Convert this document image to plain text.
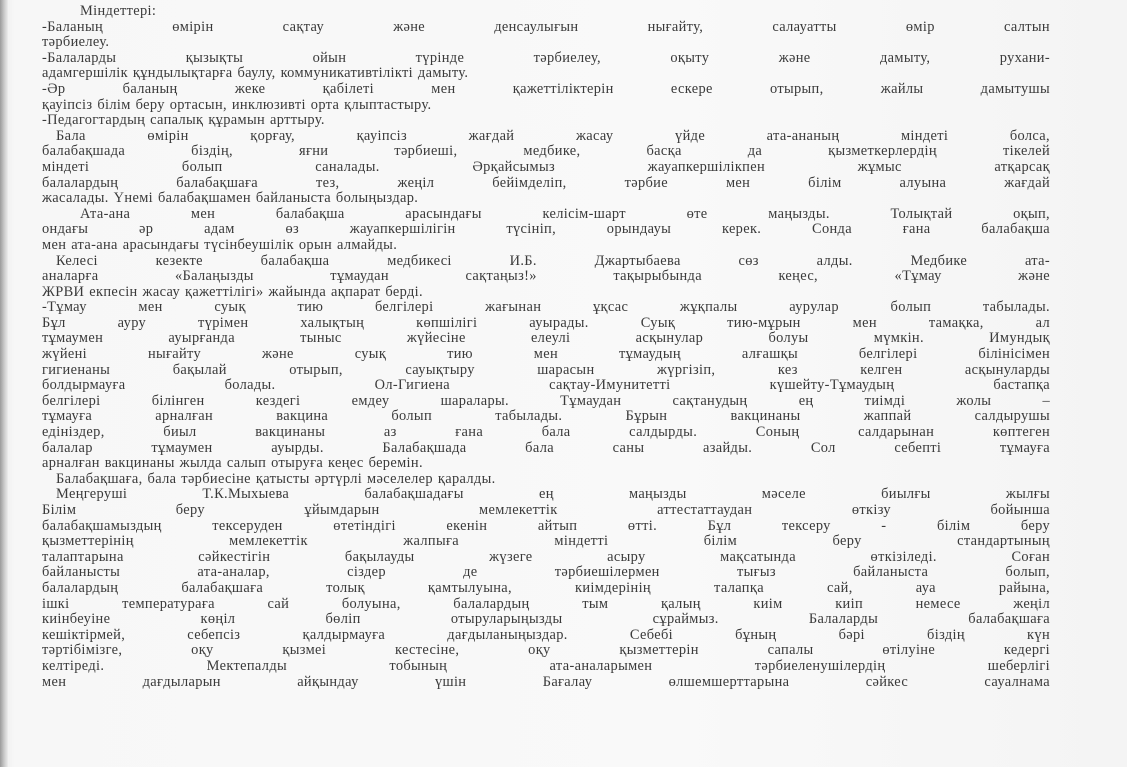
Міндеттері:
-Баланың өмірін сақтау және денсаулығын нығайту, салауатты өмір салтын
тәрбиелеу.
-Балаларды қызықты ойын түрінде тәрбиелеу, оқыту және дамыту, рухани-
адамгершілік құндылықтарға баулу, коммуникативтілікті дамыту.
-Әр баланың жеке қабілеті мен қажеттіліктерін ескере отырып, жайлы дамытушы
қауіпсіз білім беру ортасын, инклюзивті орта қлыптастыру.
-Педагогтардың сапалық құрамын арттыру.
Бала өмірін қорғау, қауіпсіз жағдай жасау үйде ата-ананың міндеті болса,
балабақшада біздің, яғни тәрбиеші, медбике, басқа да қызметкерлердің тікелей
міндеті болып саналады. Әрқайсымыз жауапкершілікпен жұмыс атқарсақ
балалардың балабақшаға тез, жеңіл бейімделіп, тәрбие мен білім алуына жағдай
жасалады. Үнемі балабақшамен байланыста болыңыздар.
Ата-ана мен балабақша арасындағы келісім-шарт өте маңызды. Толықтай оқып,
ондағы әр адам өз жауапкершілігін түсініп, орындауы керек. Сонда ғана балабақша
мен ата-ана арасындағы түсінбеушілік орын алмайды.
Келесі кезекте балабақша медбикесі И.Б. Джартыбаева сөз алды. Медбике ата-
аналарға «Балаңызды тұмаудан сақтаңыз!» тақырыбында кеңес, «Тұмау және
ЖРВИ екпесін жасау қажеттілігі» жайында ақпарат берді.
-Тұмау мен суық тию белгілері жағынан ұқсас жұқпалы аурулар болып табылады.
Бұл ауру түрімен халықтың көпшілігі ауырады. Суық тию-мұрын мен тамақка, ал
тұмаумен ауырғанда тыныс жүйесіне елеулі асқынулар болуы мүмкін. Имундық
жүйені нығайту және суық тию мен тұмаудың алғашқы белгілері білінісімен
гигиенаны бақылай отырып, сауықтыру шарасын жүргізіп, кез келген асқынуларды
болдырмауға болады. Ол-Гигиена сақтау-Имунитетті күшейту-Тұмаудың бастапқа
белгілері білінген кездегі емдеу шаралары. Тұмаудан сақтанудың ең тиімді жолы –
тұмауға арналған вакцина болып табылады. Бұрын вакцинаны жаппай салдырушы
едініздер, биыл вакцинаны аз ғана бала салдырды. Соның салдарынан көптеген
балалар тұмаумен ауырды. Балабақшада бала саны азайды. Сол себепті тұмауға
арналған вакцинаны жылда салып отыруға кеңес беремін.
Балабақшаға, бала тәрбиесіне қатысты әртүрлі мәселелер қаралды.
Меңгеруші Т.К.Мыхыева балабақшадағы ең маңызды мәселе биылғы жылғы
Білім беру ұйымдарын мемлекеттік аттестаттаудан өткізу бойынша
балабақшамыздың тексеруден өтетіндігі екенін айтып өтті. Бұл тексеру - білім беру
қызметтерінің мемлекеттік жалпыға міндетті білім беру стандартының
талаптарына сәйкестігін бақылауды жүзеге асыру мақсатында өткізіледі. Соған
байланысты ата-аналар, сіздер де тәрбиешілермен тығыз байланыста болып,
балалардың балабақшаға толық қамтылуына, киімдерінің талапқа сай, ауа райына,
ішкі температураға сай болуына, балалардың тым қалың киім киіп немесе жеңіл
киінбеуіне көңіл бөліп отыруларыңызды сұраймыз. Балаларды балабақшаға
кешіктірмей, себепсіз қалдырмауға дағдыланыңыздар. Себебі бұның бәрі біздің күн
тәртібімізге, оқу қызмеі кестесіне, оқу қызметтерін сапалы өтілуіне кедергі
келтіреді. Мектепалды тобының ата-аналарымен тәрбиеленушілердің шеберлігі
мен дағдыларын айқындау үшін Бағалау өлшемшерттарына сәйкес сауалнама
